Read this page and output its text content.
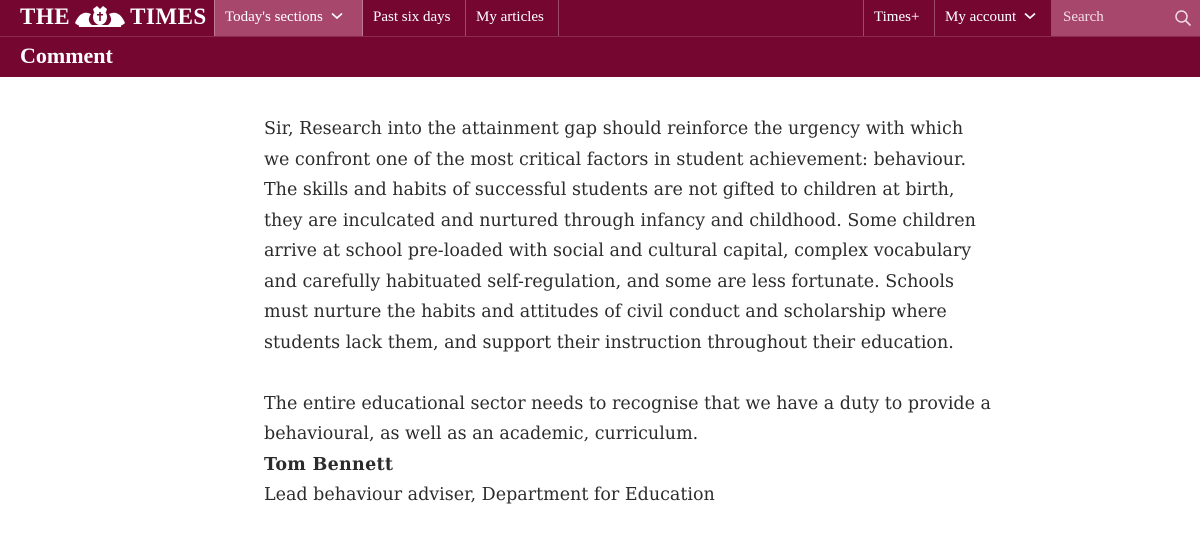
THE	TIMES	Today's sections	Past six days	My articles	Times+	My account	Search
Comment

Sir, Research into the attainment gap should reinforce the urgency with which

we confront one of the most critical factors in student achievement: behaviour.

The skills and habits of successful students are not gifted to children at birth,

they are inculcated and nurtured through infancy and childhood. Some children

arrive at school pre-loaded with social and cultural capital, complex vocabulary

and carefully habituated self-regulation, and some are less fortunate. Schools

must nurture the habits and attitudes of civil conduct and scholarship where

students lack them, and support their instruction throughout their education.

The entire educational sector needs to recognise that we have a duty to provide a

behavioural, as well as an academic, curriculum.

Tom Bennett

Lead behaviour adviser, Department for Education
